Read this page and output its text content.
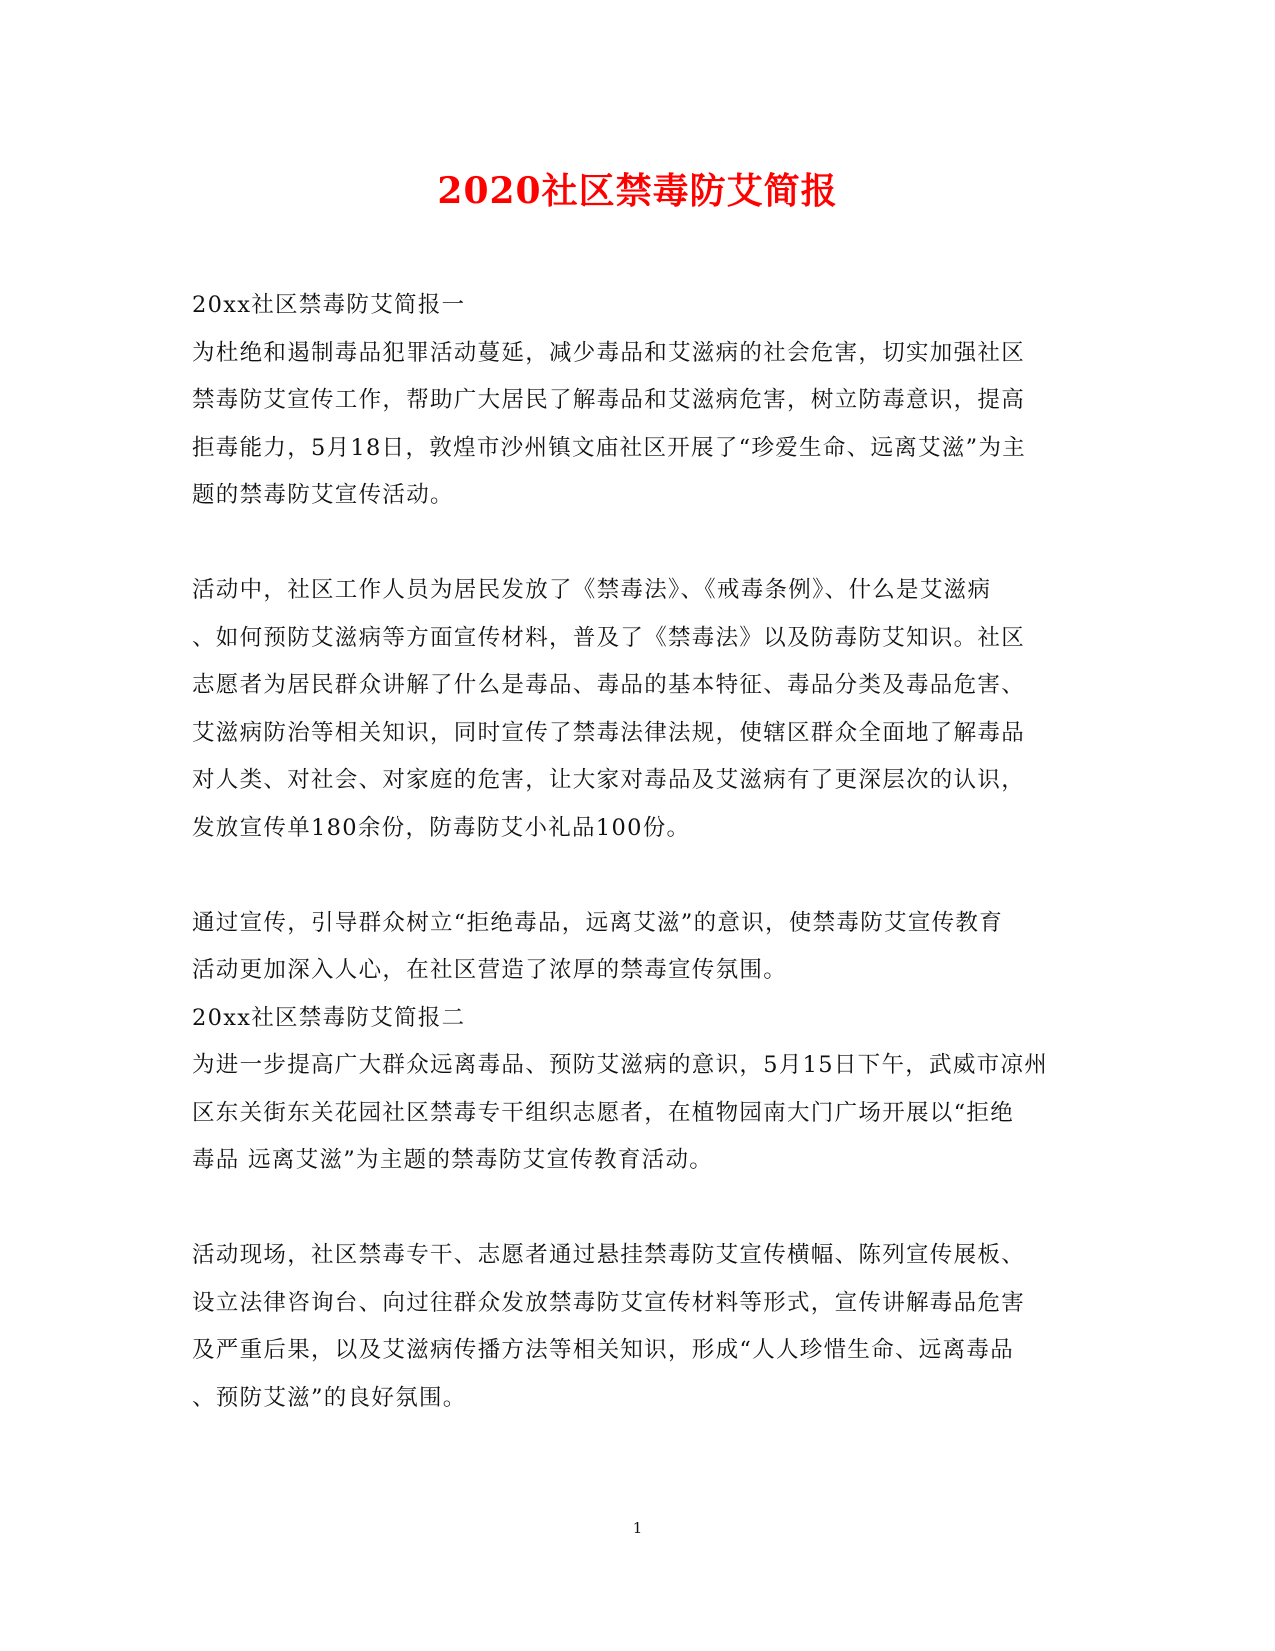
2020社区禁毒防艾简报
20xx社区禁毒防艾简报一
为杜绝和遏制毒品犯罪活动蔓延，减少毒品和艾滋病的社会危害，切实加强社区
禁毒防艾宣传工作，帮助广大居民了解毒品和艾滋病危害，树立防毒意识，提高
拒毒能力，5月18日，敦煌市沙州镇文庙社区开展了“珍爱生命、远离艾滋”为主
题的禁毒防艾宣传活动。
活动中，社区工作人员为居民发放了《禁毒法》、《戒毒条例》、什么是艾滋病
、如何预防艾滋病等方面宣传材料，普及了《禁毒法》以及防毒防艾知识。社区
志愿者为居民群众讲解了什么是毒品、毒品的基本特征、毒品分类及毒品危害、
艾滋病防治等相关知识，同时宣传了禁毒法律法规，使辖区群众全面地了解毒品
对人类、对社会、对家庭的危害，让大家对毒品及艾滋病有了更深层次的认识，
发放宣传单180余份，防毒防艾小礼品100份。
通过宣传，引导群众树立“拒绝毒品，远离艾滋”的意识，使禁毒防艾宣传教育
活动更加深入人心，在社区营造了浓厚的禁毒宣传氛围。
20xx社区禁毒防艾简报二
为进一步提高广大群众远离毒品、预防艾滋病的意识，5月15日下午，武威市凉州
区东关街东关花园社区禁毒专干组织志愿者，在植物园南大门广场开展以“拒绝
毒品 远离艾滋”为主题的禁毒防艾宣传教育活动。
活动现场，社区禁毒专干、志愿者通过悬挂禁毒防艾宣传横幅、陈列宣传展板、
设立法律咨询台、向过往群众发放禁毒防艾宣传材料等形式，宣传讲解毒品危害
及严重后果，以及艾滋病传播方法等相关知识，形成“人人珍惜生命、远离毒品
、预防艾滋”的良好氛围。
1
